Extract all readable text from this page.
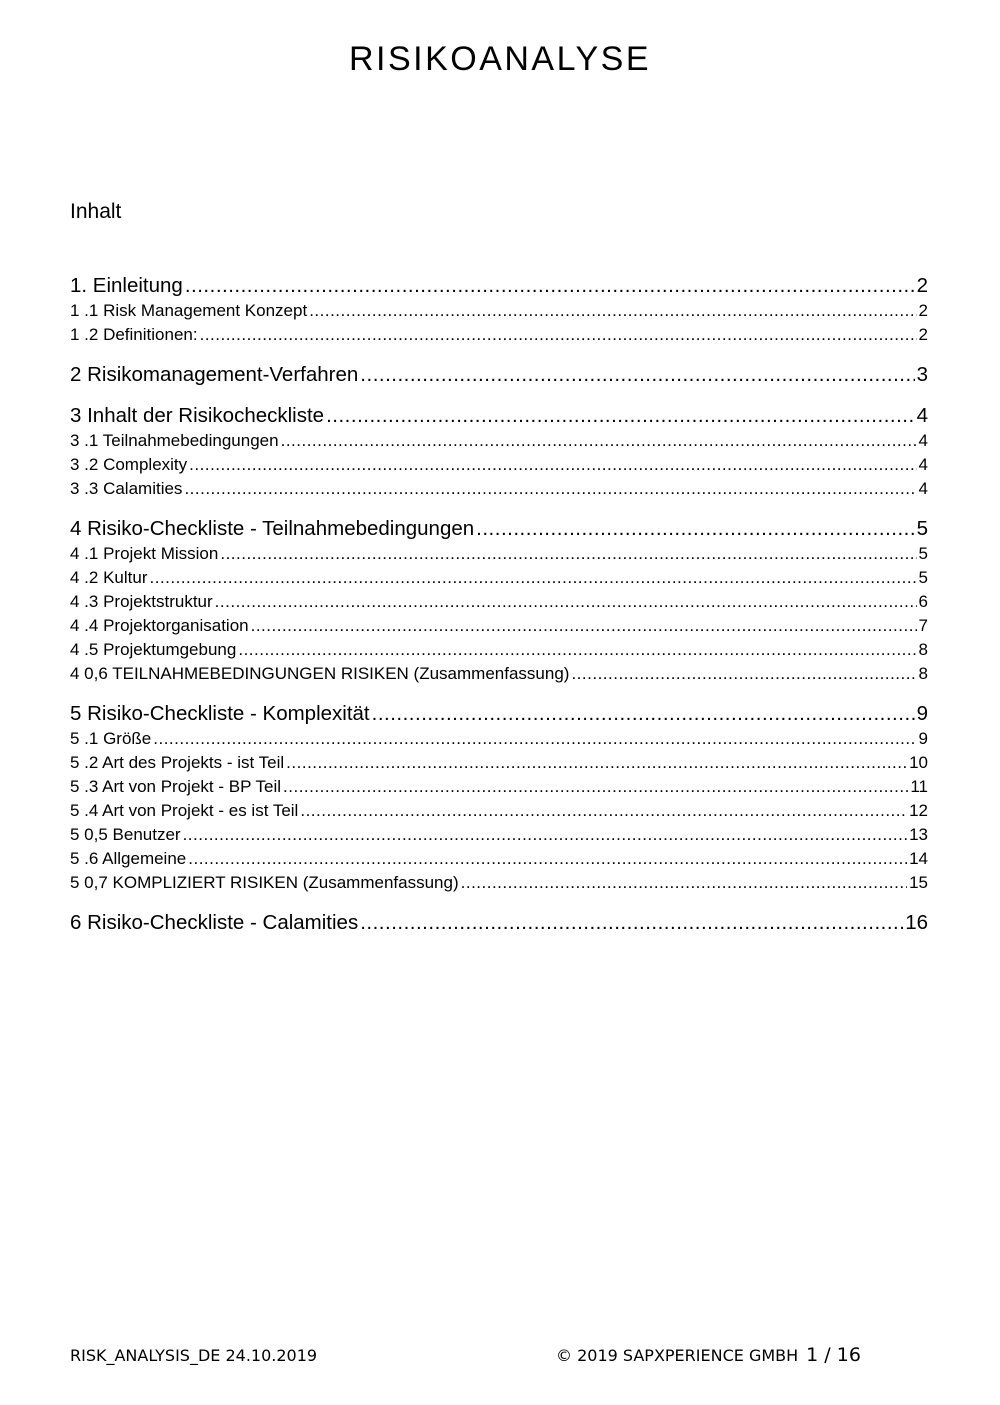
RISIKOANALYSE
Inhalt
1. Einleitung .....	2
1 .1 Risk Management Konzept .....	2
1 .2 Definitionen: .....	2
2 Risikomanagement-Verfahren .....	3
3 Inhalt der Risikocheckliste .....	4
3 .1 Teilnahmebedingungen .....	4
3 .2 Complexity .....	4
3 .3 Calamities .....	4
4 Risiko-Checkliste - Teilnahmebedingungen .....	5
4 .1 Projekt Mission .....	5
4 .2 Kultur .....	5
4 .3 Projektstruktur .....	6
4 .4 Projektorganisation .....	7
4 .5 Projektumgebung .....	8
4 0,6 TEILNAHMEBEDINGUNGEN RISIKEN (Zusammenfassung) .....	8
5 Risiko-Checkliste - Komplexität .....	9
5 .1 Größe .....	9
5 .2 Art des Projekts - ist Teil .....	10
5 .3 Art von Projekt - BP Teil .....	11
5 .4 Art von Projekt - es ist Teil .....	12
5 0,5 Benutzer .....	13
5 .6 Allgemeine .....	14
5 0,7 KOMPLIZIERT RISIKEN (Zusammenfassung) .....	15
6 Risiko-Checkliste - Calamities .....	16
RISK_ANALYSIS_DE 24.10.2019	© 2019 SAPXPERIENCE GMBH 1 / 16
